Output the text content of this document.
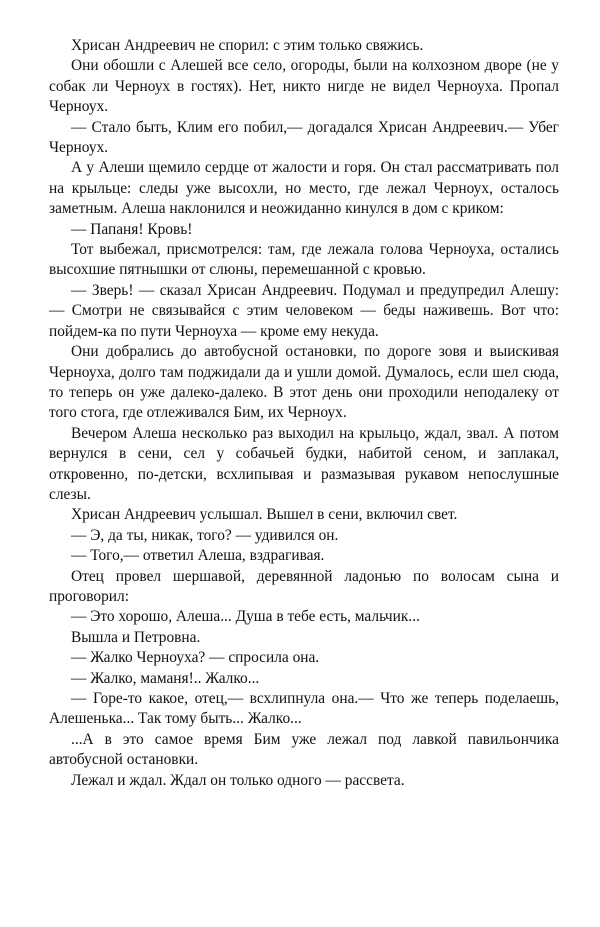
Хрисан Андреевич не спорил: с этим только свяжись.

Они обошли с Алешей все село, огороды, были на колхозном дворе (не у собак ли Черноух в гостях). Нет, никто нигде не видел Черноуха. Пропал Черноух.

— Стало быть, Клим его побил,— догадался Хрисан Андреевич.— Убег Черноух.

А у Алеши щемило сердце от жалости и горя. Он стал рассматривать пол на крыльце: следы уже высохли, но место, где лежал Черноух, осталось заметным. Алеша наклонился и неожиданно кинулся в дом с криком:

— Папаня! Кровь!

Тот выбежал, присмотрелся: там, где лежала голова Черноуха, остались высохшие пятнышки от слюны, перемешанной с кровью.

— Зверь! — сказал Хрисан Андреевич. Подумал и предупредил Алешу: — Смотри не связывайся с этим человеком — беды наживешь. Вот что: пойдем-ка по пути Черноуха — кроме ему некуда.

Они добрались до автобусной остановки, по дороге зовя и выискивая Черноуха, долго там поджидали да и ушли домой. Думалось, если шел сюда, то теперь он уже далеко-далеко. В этот день они проходили неподалеку от того стога, где отлеживался Бим, их Черноух.

Вечером Алеша несколько раз выходил на крыльцо, ждал, звал. А потом вернулся в сени, сел у собачьей будки, набитой сеном, и заплакал, откровенно, по-детски, всхлипывая и размазывая рукавом непослушные слезы.

Хрисан Андреевич услышал. Вышел в сени, включил свет.

— Э, да ты, никак, того? — удивился он.

— Того,— ответил Алеша, вздрагивая.

Отец провел шершавой, деревянной ладонью по волосам сына и проговорил:

— Это хорошо, Алеша... Душа в тебе есть, мальчик...

Вышла и Петровна.

— Жалко Черноуха? — спросила она.

— Жалко, маманя!.. Жалко...

— Горе-то какое, отец,— всхлипнула она.— Что же теперь поделаешь, Алешенька... Так тому быть... Жалко...

...А в это самое время Бим уже лежал под лавкой павильончика автобусной остановки.

Лежал и ждал. Ждал он только одного — рассвета.
